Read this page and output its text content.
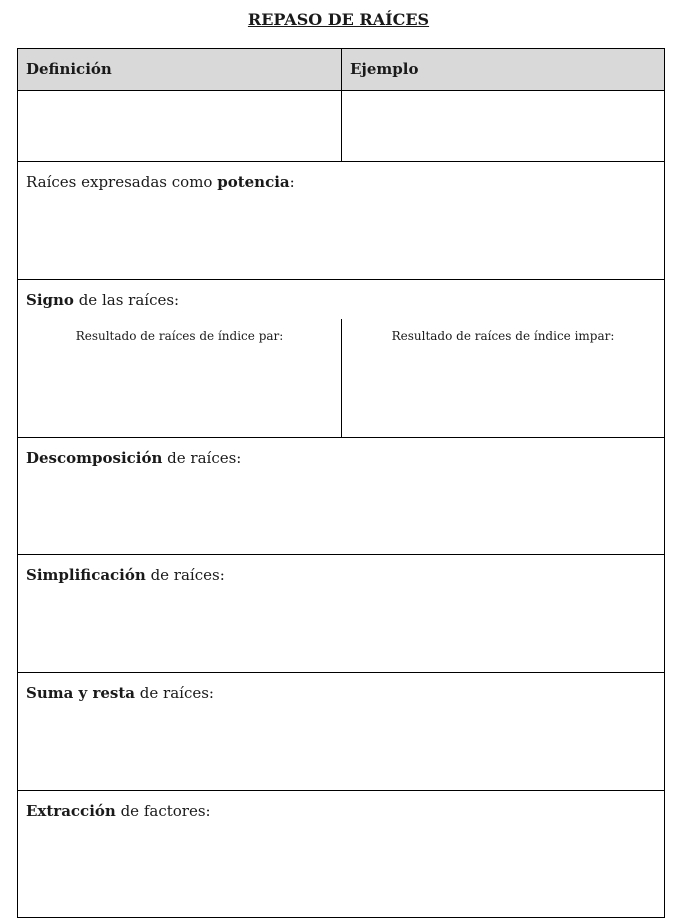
REPASO DE RAÍCES
Definición	Ejemplo
Raíces expresadas como potencia:
Signo de las raíces:
Resultado de raíces de índice par:	Resultado de raíces de índice impar:
Descomposición de raíces:
Simplificación de raíces:
Suma y resta de raíces:
Extracción de factores:
